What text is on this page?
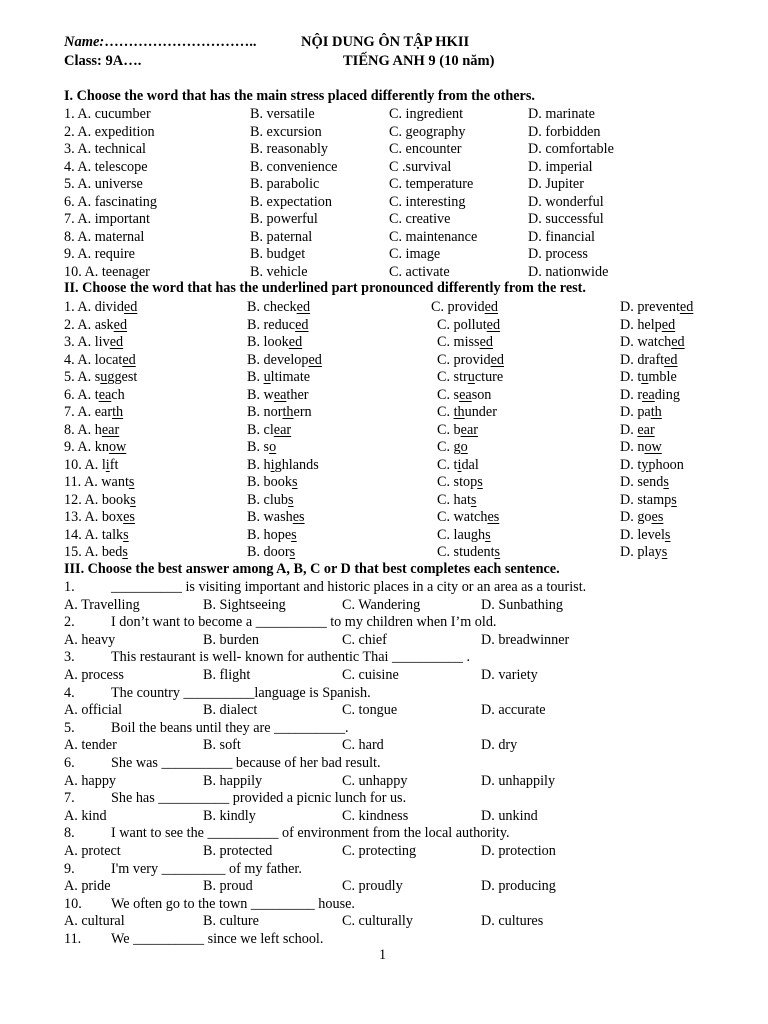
Name:…………………………..	NỘI DUNG ÔN TẬP HKII
Class: 9A….	TIẾNG ANH 9 (10 năm)
I. Choose the word that has the main stress placed differently from the others.
1. A. cucumber	B. versatile	C. ingredient	D. marinate
2. A. expedition	B. excursion	C. geography	D. forbidden
3. A. technical	B. reasonably	C. encounter	D. comfortable
4. A. telescope	B. convenience	C .survival	D. imperial
5. A. universe	B. parabolic	C. temperature	D. Jupiter
6. A. fascinating	B. expectation	C. interesting	D. wonderful
7. A. important	B. powerful	C. creative	D. successful
8. A. maternal	B. paternal	C. maintenance	D. financial
9. A. require	B. budget	C. image	D. process
10. A. teenager	B. vehicle	C. activate	D. nationwide
II. Choose the word that has the underlined part pronounced differently from the rest.
1. A. divided	B. checked	C. provided	D. prevented
2. A. asked	B. reduced	C. polluted	D. helped
3. A. lived	B. looked	C. missed	D. watched
4. A. located	B. developed	C. provided	D. drafted
5. A. suggest	B. ultimate	C. structure	D. tumble
6. A. teach	B. weather	C. season	D. reading
7. A. earth	B. northern	C. thunder	D. path
8. A. hear	B. clear	C. bear	D. ear
9. A. know	B. so	C. go	D. now
10. A. lift	B. highlands	C. tidal	D. typhoon
11. A. wants	B. books	C. stops	D. sends
12. A. books	B. clubs	C. hats	D. stamps
13. A. boxes	B. washes	C. watches	D. goes
14. A. talks	B. hopes	C. laughs	D. levels
15. A. beds	B. doors	C. students	D. plays
III. Choose the best answer among A, B, C or D that best completes each sentence.
1.	__________ is visiting important and historic places in a city or an area as a tourist.
A. Travelling	B. Sightseeing	C. Wandering	D. Sunbathing
2.	I don’t want to become a __________ to my children when I’m old.
A. heavy	B. burden	C. chief	D. breadwinner
3.	This restaurant is well- known for authentic Thai __________ .
A. process	B. flight	C. cuisine	D. variety
4.	The country __________language is Spanish.
A. official	B. dialect	C. tongue	D. accurate
5.	Boil the beans until they are __________.
A. tender	B. soft	C. hard	D. dry
6.	She was __________ because of her bad result.
A. happy	B. happily	C. unhappy	D. unhappily
7.	She has __________ provided a picnic lunch for us.
A. kind	B. kindly	C. kindness	D. unkind
8.	I want to see the __________ of environment from the local authority.
A. protect	B. protected	C. protecting	D. protection
9.	I'm very _________ of my father.
A. pride	B. proud	C. proudly	D. producing
10. We often go to the town _________ house.
A. cultural	B. culture	C. culturally	D. cultures
11. We __________ since we left school.
1
